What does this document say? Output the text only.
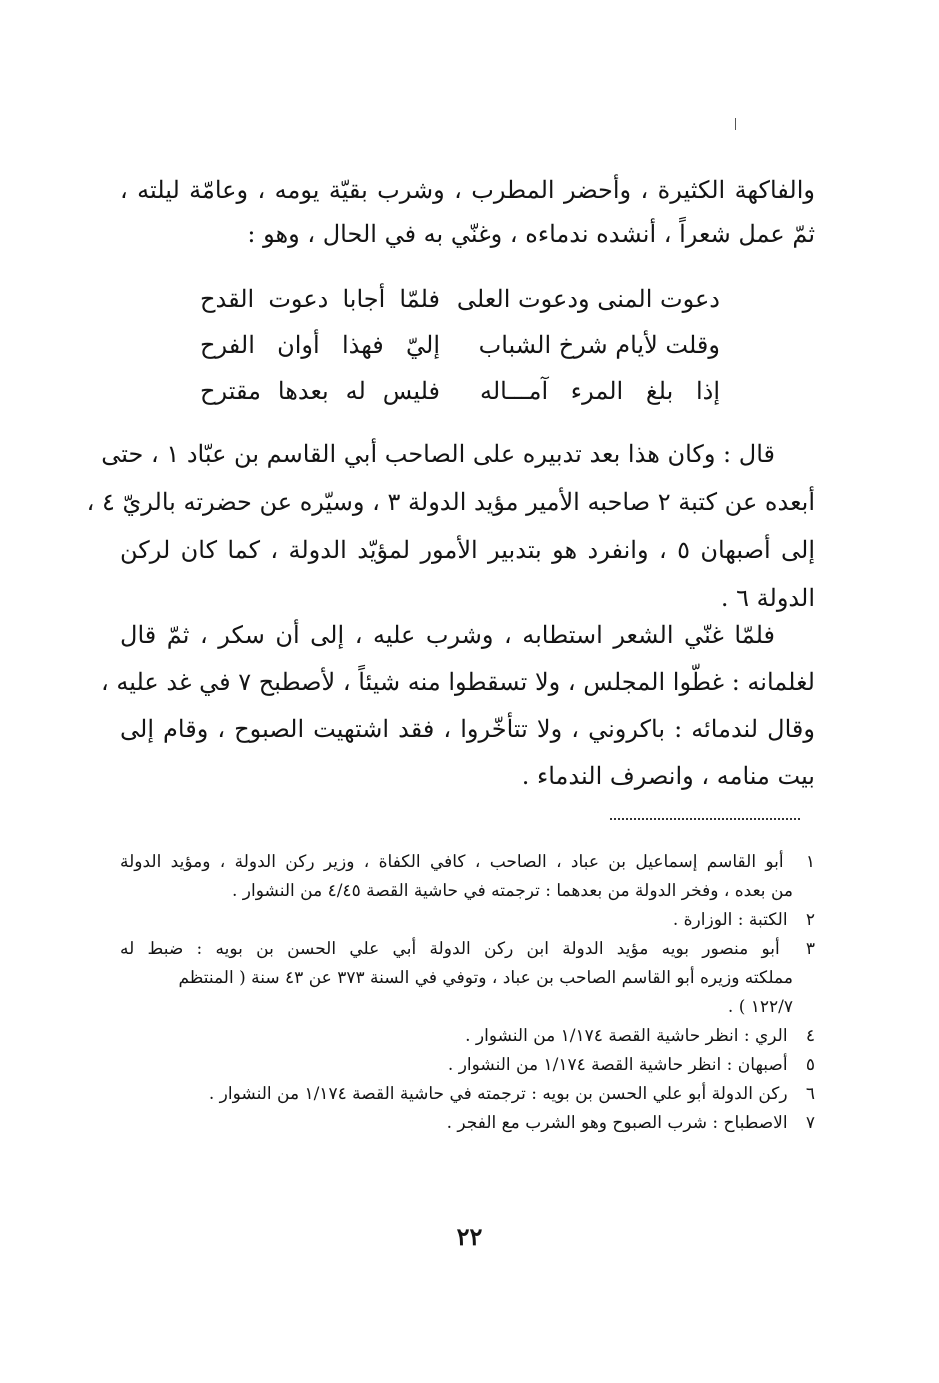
والفاكهة الكثيرة ، وأحضر المطرب ، وشرب بقيّة يومه ، وعامّة ليلته ،
ثمّ عمل شعراً ، أنشده ندماءه ، وغنّي به في الحال ، وهو :
دعوت المنى ودعوت العلى
فلمّا أجابا دعوت القدح
وقلت لأيام شرخ الشباب
إليّ فهذا أوان الفرح
إذا بلغ المرء آمـــاله
فليس له بعدها مقترح
قال : وكان هذا بعد تدبيره على الصاحب أبي القاسم بن عبّاد ١ ، حتى
أبعده عن كتبة ٢ صاحبه الأمير مؤيد الدولة ٣ ، وسيّره عن حضرته بالريّ ٤ ،
إلى أصبهان ٥ ، وانفرد هو بتدبير الأمور لمؤيّد الدولة ، كما كان لركن
الدولة ٦ .
فلمّا غنّي الشعر استطابه ، وشرب عليه ، إلى أن سكر ، ثمّ قال
لغلمانه : غطّوا المجلس ، ولا تسقطوا منه شيئاً ، لأصطبح ٧ في غد عليه ،
وقال لندمائه : باكروني ، ولا تتأخّروا ، فقد اشتهيت الصبوح ، وقام إلى
بيت منامه ، وانصرف الندماء .
١ أبو القاسم إسماعيل بن عباد ، الصاحب ، كافي الكفاة ، وزير ركن الدولة ، ومؤيد الدولة
من بعده ، وفخر الدولة من بعدهما : ترجمته في حاشية القصة ٤/٤٥ من النشوار .
٢ الكتبة : الوزارة .
٣ أبو منصور بويه مؤيد الدولة ابن ركن الدولة أبي علي الحسن بن بويه : ضبط له
مملكته وزيره أبو القاسم الصاحب بن عباد ، وتوفي في السنة ٣٧٣ عن ٤٣ سنة ( المنتظم
١٢٢/٧ ) .
٤ الري : انظر حاشية القصة ١/١٧٤ من النشوار .
٥ أصبهان : انظر حاشية القصة ١/١٧٤ من النشوار .
٦ ركن الدولة أبو علي الحسن بن بويه : ترجمته في حاشية القصة ١/١٧٤ من النشوار .
٧ الاصطباح : شرب الصبوح وهو الشرب مع الفجر .
٢٢
